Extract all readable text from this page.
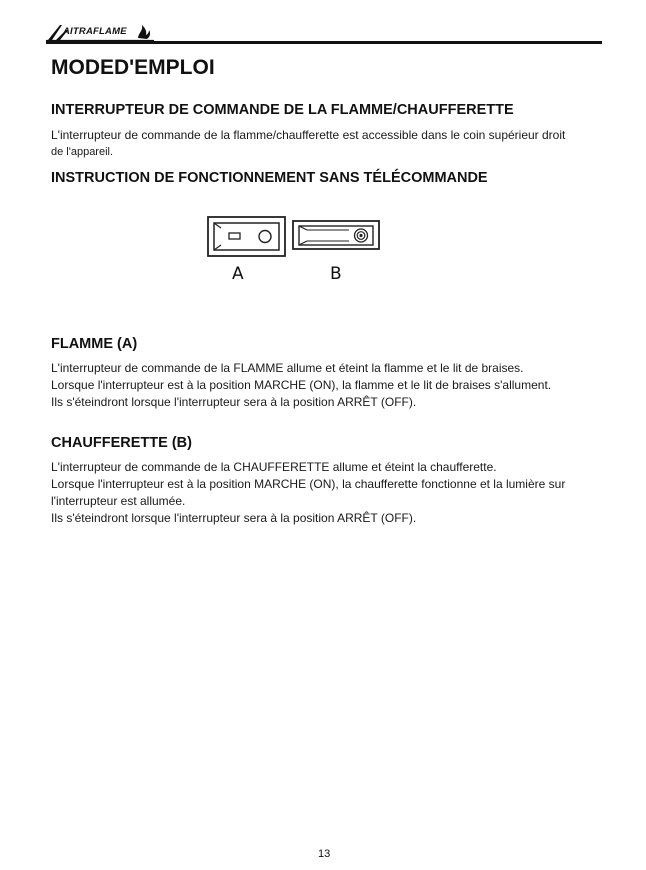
AITRAFLAME
MODED'EMPLOI
INTERRUPTEUR DE COMMANDE DE LA FLAMME/CHAUFFERETTE

L'interrupteur de commande de la flamme/chaufferette est accessible dans le coin supérieur droit
de l'appareil.

INSTRUCTION DE FONCTIONNEMENT SANS TÉLÉCOMMANDE
A	B
FLAMME (A)

L'interrupteur de commande de la FLAMME allume et éteint la flamme et le lit de braises.
Lorsque l'interrupteur est à la position MARCHE (ON), la flamme et le lit de braises s'allument.
Ils s'éteindront lorsque l'interrupteur sera à la position ARRÊT (OFF).

CHAUFFERETTE (B)

L'interrupteur de commande de la CHAUFFERETTE allume et éteint la chaufferette.
Lorsque l'interrupteur est à la position MARCHE (ON), la chaufferette fonctionne et la lumière sur
l'interrupteur est allumée.
Ils s'éteindront lorsque l'interrupteur sera à la position ARRÊT (OFF).

13
